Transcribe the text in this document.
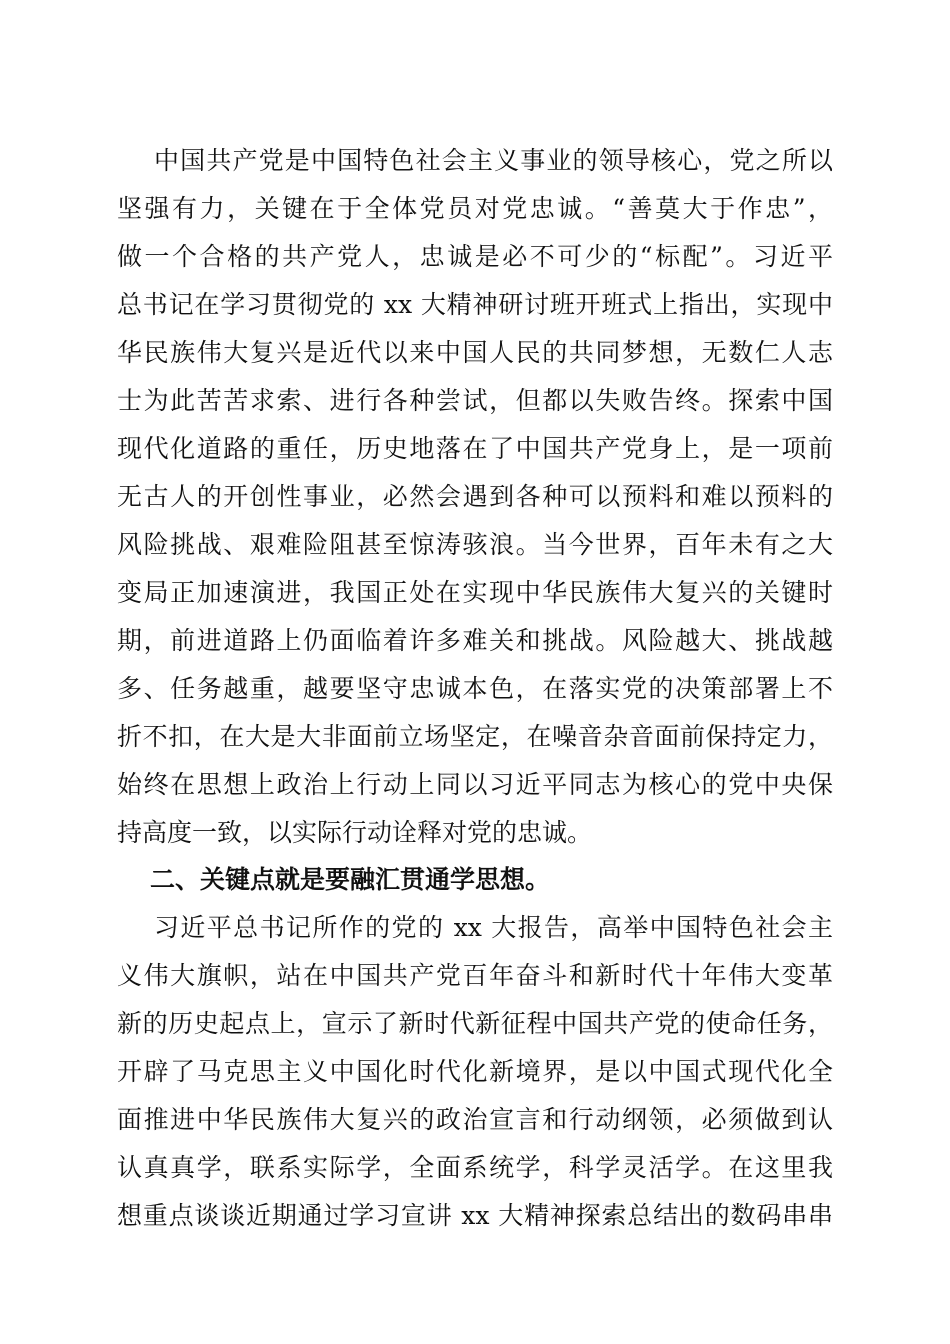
中国共产党是中国特色社会主义事业的领导核心，党之所以
坚强有力，关键在于全体党员对党忠诚。“善莫大于作忠”，
做一个合格的共产党人，忠诚是必不可少的“标配”。习近平
总书记在学习贯彻党的 xx 大精神研讨班开班式上指出，实现中
华民族伟大复兴是近代以来中国人民的共同梦想，无数仁人志
士为此苦苦求索、进行各种尝试，但都以失败告终。探索中国
现代化道路的重任，历史地落在了中国共产党身上，是一项前
无古人的开创性事业，必然会遇到各种可以预料和难以预料的
风险挑战、艰难险阻甚至惊涛骇浪。当今世界，百年未有之大
变局正加速演进，我国正处在实现中华民族伟大复兴的关键时
期，前进道路上仍面临着许多难关和挑战。风险越大、挑战越
多、任务越重，越要坚守忠诚本色，在落实党的决策部署上不
折不扣，在大是大非面前立场坚定，在噪音杂音面前保持定力，
始终在思想上政治上行动上同以习近平同志为核心的党中央保
持高度一致，以实际行动诠释对党的忠诚。
二、关键点就是要融汇贯通学思想。
习近平总书记所作的党的 xx 大报告，高举中国特色社会主
义伟大旗帜，站在中国共产党百年奋斗和新时代十年伟大变革
新的历史起点上，宣示了新时代新征程中国共产党的使命任务，
开辟了马克思主义中国化时代化新境界，是以中国式现代化全
面推进中华民族伟大复兴的政治宣言和行动纲领，必须做到认
认真真学，联系实际学，全面系统学，科学灵活学。在这里我
想重点谈谈近期通过学习宣讲 xx 大精神探索总结出的数码串串
